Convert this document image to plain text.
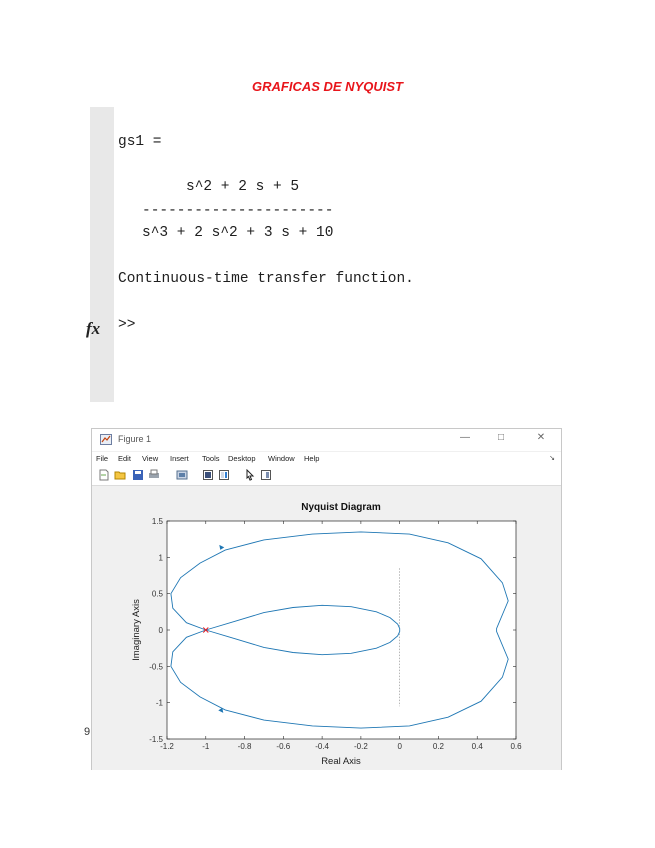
GRAFICAS DE NYQUIST
gs1 =
s^2 + 2 s + 5
----------------------
s^3 + 2 s^2 + 3 s + 10
Continuous-time transfer function.
fx >>
9
Figure 1	—	□	✕
File Edit View Insert Tools Desktop Window Help	↘
Nyquist Diagram
-1.2	-1	-0.8	-0.6	-0.4	-0.2	0	0.2	0.4	0.6
1.5
1
0.5
0
-0.5
-1
-1.5
Real Axis
Imaginary Axis
